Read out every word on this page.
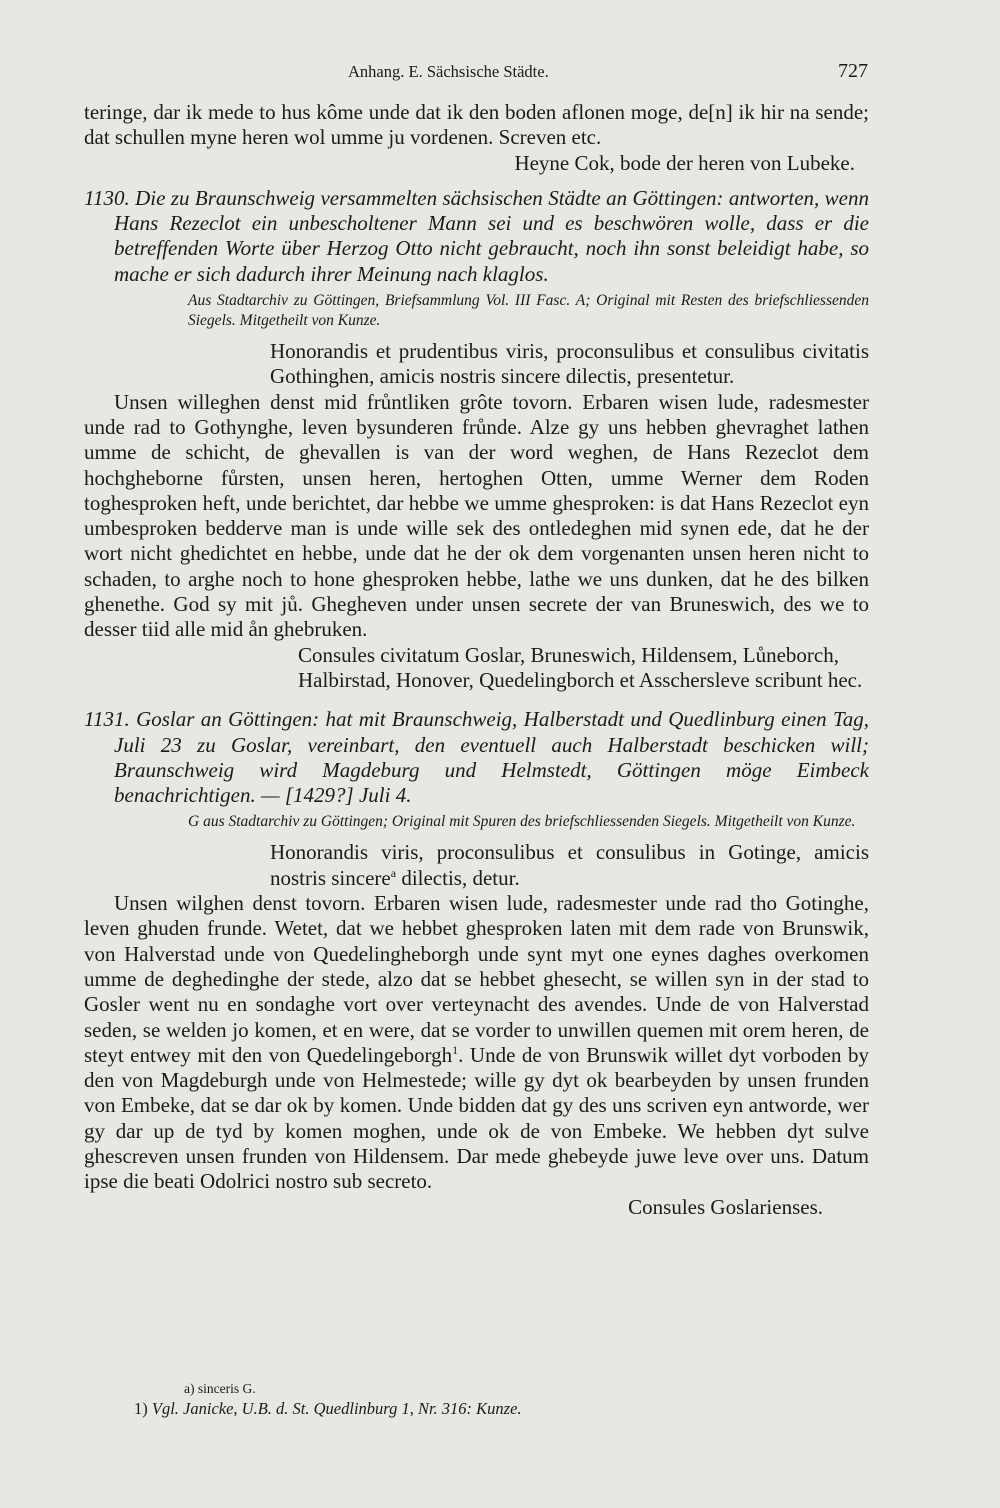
Anhang. E. Sächsische Städte.	727

teringe, dar ik mede to hus kôme unde dat ik den boden aflonen moge, de[n] ik hir na sende; dat schullen myne heren wol umme ju vordenen. Screven etc.

Heyne Cok, bode der heren von Lubeke.

1130. Die zu Braunschweig versammelten sächsischen Städte an Göttingen: antworten, wenn Hans Rezeclot ein unbescholtener Mann sei und es beschwören wolle, dass er die betreffenden Worte über Herzog Otto nicht gebraucht, noch ihn sonst beleidigt habe, so mache er sich dadurch ihrer Meinung nach klaglos.

Aus Stadtarchiv zu Göttingen, Briefsammlung Vol. III Fasc. A; Original mit Resten des briefschliessenden Siegels. Mitgetheilt von Kunze.

Honorandis et prudentibus viris, proconsulibus et consulibus civitatis Gothinghen, amicis nostris sincere dilectis, presentetur.

Unsen willeghen denst mid frůntliken grôte tovorn. Erbaren wisen lude, radesmester unde rad to Gothynghe, leven bysunderen frůnde. Alze gy uns hebben ghevraghet lathen umme de schicht, de ghevallen is van der word weghen, de Hans Rezeclot dem hochgheborne fůrsten, unsen heren, hertoghen Otten, umme Werner dem Roden toghesproken heft, unde berichtet, dar hebbe we umme ghesproken: is dat Hans Rezeclot eyn umbesproken bedderve man is unde wille sek des ontledeghen mid synen ede, dat he der wort nicht ghedichtet en hebbe, unde dat he der ok dem vorgenanten unsen heren nicht to schaden, to arghe noch to hone ghesproken hebbe, lathe we uns dunken, dat he des bilken ghenethe. God sy mit jů. Ghegheven under unsen secrete der van Bruneswich, des we to desser tiid alle mid ån ghebruken.

Consules civitatum Goslar, Bruneswich, Hildensem, Lůneborch, Halbirstad, Honover, Quedelingborch et Asschersleve scribunt hec.

1131. Goslar an Göttingen: hat mit Braunschweig, Halberstadt und Quedlinburg einen Tag, Juli 23 zu Goslar, vereinbart, den eventuell auch Halberstadt beschicken will; Braunschweig wird Magdeburg und Helmstedt, Göttingen möge Eimbeck benachrichtigen. — [1429?] Juli 4.

G aus Stadtarchiv zu Göttingen; Original mit Spuren des briefschliessenden Siegels. Mitgetheilt von Kunze.

Honorandis viris, proconsulibus et consulibus in Gotinge, amicis nostris sincere$^a$ dilectis, detur.

Unsen wilghen denst tovorn. Erbaren wisen lude, radesmester unde rad tho Gotinghe, leven ghuden frunde. Wetet, dat we hebbet ghesproken laten mit dem rade von Brunswik, von Halverstad unde von Quedelingheborgh unde synt myt one eynes daghes overkomen umme de deghedinghe der stede, alzo dat se hebbet ghesecht, se willen syn in der stad to Gosler went nu en sondaghe vort over verteynacht des avendes. Unde de von Halverstad seden, se welden jo komen, et en were, dat se vorder to unwillen quemen mit orem heren, de steyt entwey mit den von Quedelingeborgh$^1$. Unde de von Brunswik willet dyt vorboden by den von Magdeburgh unde von Helmestede; wille gy dyt ok bearbeyden by unsen frunden von Embeke, dat se dar ok by komen. Unde bidden dat gy des uns scriven eyn antworde, wer gy dar up de tyd by komen moghen, unde ok de von Embeke. We hebben dyt sulve ghescreven unsen frunden von Hildensem. Dar mede ghebeyde juwe leve over uns. Datum ipse die beati Odolrici nostro sub secreto.

Consules Goslarienses.

a) sinceris G.
1) Vgl. Janicke, U.B. d. St. Quedlinburg 1, Nr. 316: Kunze.
